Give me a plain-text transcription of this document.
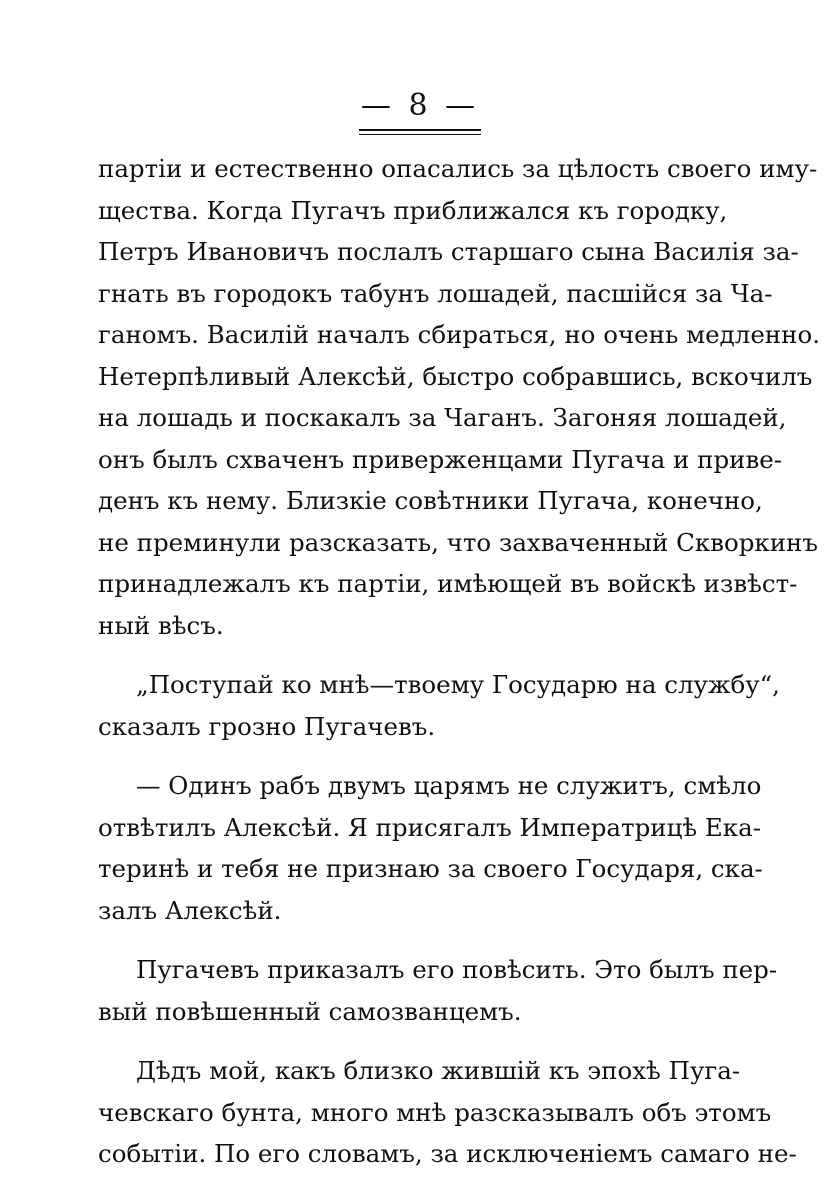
— 8 —
партiи и естественно опасались за цѣлость своего иму-
щества. Когда Пугачъ приближался къ городку,
Петръ Ивановичъ послалъ старшаго сына Василiя за-
гнать въ городокъ табунъ лошадей, пасшiйся за Ча-
ганомъ. Василiй началъ сбираться, но очень медленно.
Нетерпѣливый Алексѣй, быстро собравшись, вскочилъ
на лошадь и поскакалъ за Чаганъ. Загоняя лошадей,
онъ былъ схваченъ приверженцами Пугача и приве-
денъ къ нему. Близкiе совѣтники Пугача, конечно,
не преминули разсказать, что захваченный Скворкинъ
принадлежалъ къ партiи, имѣющей въ войскѣ извѣст-
ный вѣсъ.
„Поступай ко мнѣ—твоему Государю на службу“,
сказалъ грозно Пугачевъ.
— Одинъ рабъ двумъ царямъ не служитъ, смѣло
отвѣтилъ Алексѣй. Я присягалъ Императрицѣ Ека-
теринѣ и тебя не признаю за своего Государя, ска-
залъ Алексѣй.
Пугачевъ приказалъ его повѣсить. Это былъ пер-
вый повѣшенный самозванцемъ.
Дѣдъ мой, какъ близко жившiй къ эпохѣ Пуга-
чевскаго бунта, много мнѣ разсказывалъ объ этомъ
событiи. По его словамъ, за исключенiемъ самаго не-
